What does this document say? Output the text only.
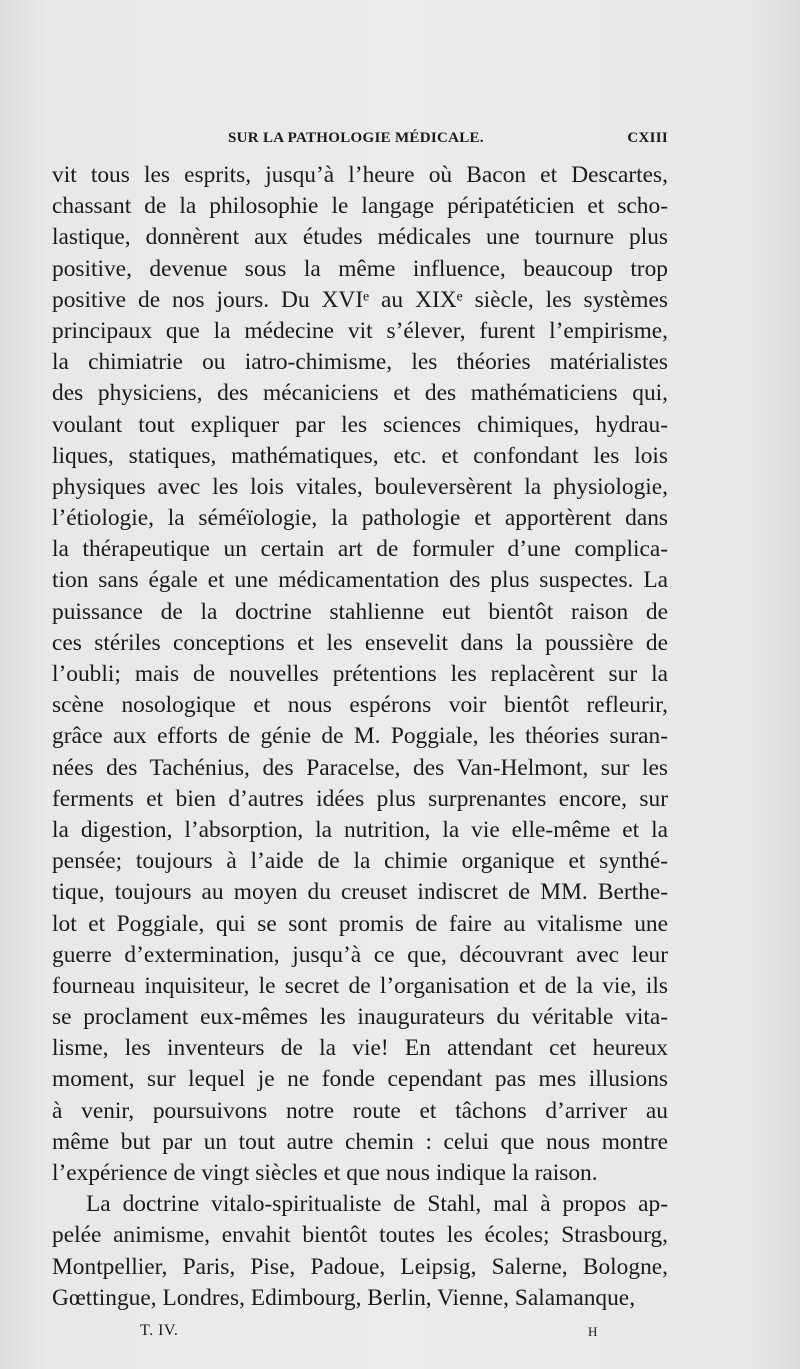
SUR LA PATHOLOGIE MÉDICALE.	CXIII
vit tous les esprits, jusqu’à l’heure où Bacon et Descartes,
chassant de la philosophie le langage péripatéticien et scho-
lastique, donnèrent aux études médicales une tournure plus
positive, devenue sous la même influence, beaucoup trop
positive de nos jours. Du XVIᵉ au XIXᵉ siècle, les systèmes
principaux que la médecine vit s’élever, furent l’empirisme,
la chimiatrie ou iatro-chimisme, les théories matérialistes
des physiciens, des mécaniciens et des mathématiciens qui,
voulant tout expliquer par les sciences chimiques, hydrau-
liques, statiques, mathématiques, etc. et confondant les lois
physiques avec les lois vitales, bouleversèrent la physiologie,
l’étiologie, la séméïologie, la pathologie et apportèrent dans
la thérapeutique un certain art de formuler d’une complica-
tion sans égale et une médicamentation des plus suspectes. La
puissance de la doctrine stahlienne eut bientôt raison de
ces stériles conceptions et les ensevelit dans la poussière de
l’oubli; mais de nouvelles prétentions les replacèrent sur la
scène nosologique et nous espérons voir bientôt refleurir,
grâce aux efforts de génie de M. Poggiale, les théories suran-
nées des Tachénius, des Paracelse, des Van-Helmont, sur les
ferments et bien d’autres idées plus surprenantes encore, sur
la digestion, l’absorption, la nutrition, la vie elle-même et la
pensée; toujours à l’aide de la chimie organique et synthé-
tique, toujours au moyen du creuset indiscret de MM. Berthe-
lot et Poggiale, qui se sont promis de faire au vitalisme une
guerre d’extermination, jusqu’à ce que, découvrant avec leur
fourneau inquisiteur, le secret de l’organisation et de la vie, ils
se proclament eux-mêmes les inaugurateurs du véritable vita-
lisme, les inventeurs de la vie! En attendant cet heureux
moment, sur lequel je ne fonde cependant pas mes illusions
à venir, poursuivons notre route et tâchons d’arriver au
même but par un tout autre chemin : celui que nous montre
l’expérience de vingt siècles et que nous indique la raison.
La doctrine vitalo-spiritualiste de Stahl, mal à propos ap-
pelée animisme, envahit bientôt toutes les écoles; Strasbourg,
Montpellier, Paris, Pise, Padoue, Leipsig, Salerne, Bologne,
Gœttingue, Londres, Edimbourg, Berlin, Vienne, Salamanque,
T. IV.	H
